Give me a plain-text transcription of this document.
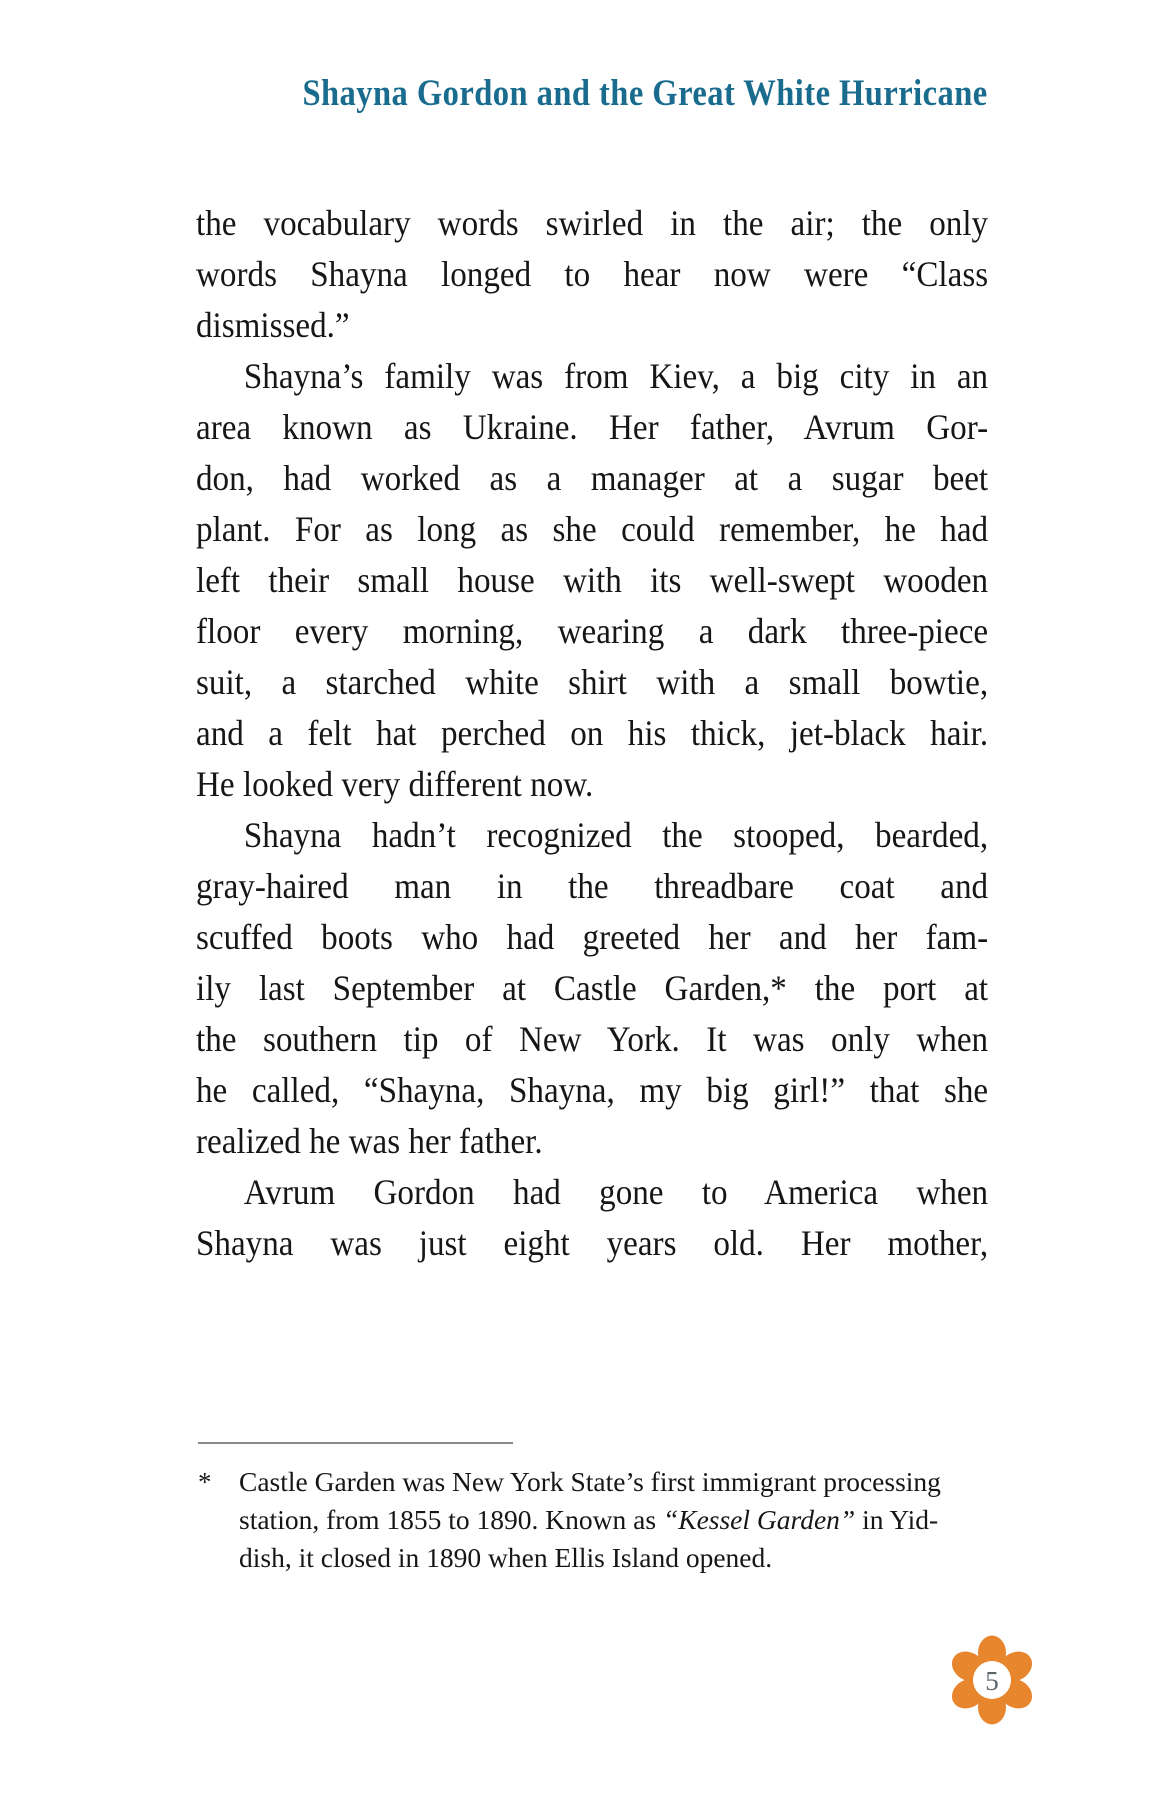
Shayna Gordon and the Great White Hurricane
the vocabulary words swirled in the air; the only
words Shayna longed to hear now were “Class
dismissed.”
Shayna’s family was from Kiev, a big city in an
area known as Ukraine. Her father, Avrum Gor-
don, had worked as a manager at a sugar beet
plant. For as long as she could remember, he had
left their small house with its well-swept wooden
floor every morning, wearing a dark three-piece
suit, a starched white shirt with a small bowtie,
and a felt hat perched on his thick, jet-black hair.
He looked very different now.
Shayna hadn’t recognized the stooped, bearded,
gray-haired man in the threadbare coat and
scuffed boots who had greeted her and her fam-
ily last September at Castle Garden,* the port at
the southern tip of New York. It was only when
he called, “Shayna, Shayna, my big girl!” that she
realized he was her father.
Avrum Gordon had gone to America when
Shayna was just eight years old. Her mother,
* Castle Garden was New York State’s first immigrant processing
station, from 1855 to 1890. Known as “Kessel Garden” in Yid-
dish, it closed in 1890 when Ellis Island opened.
5
